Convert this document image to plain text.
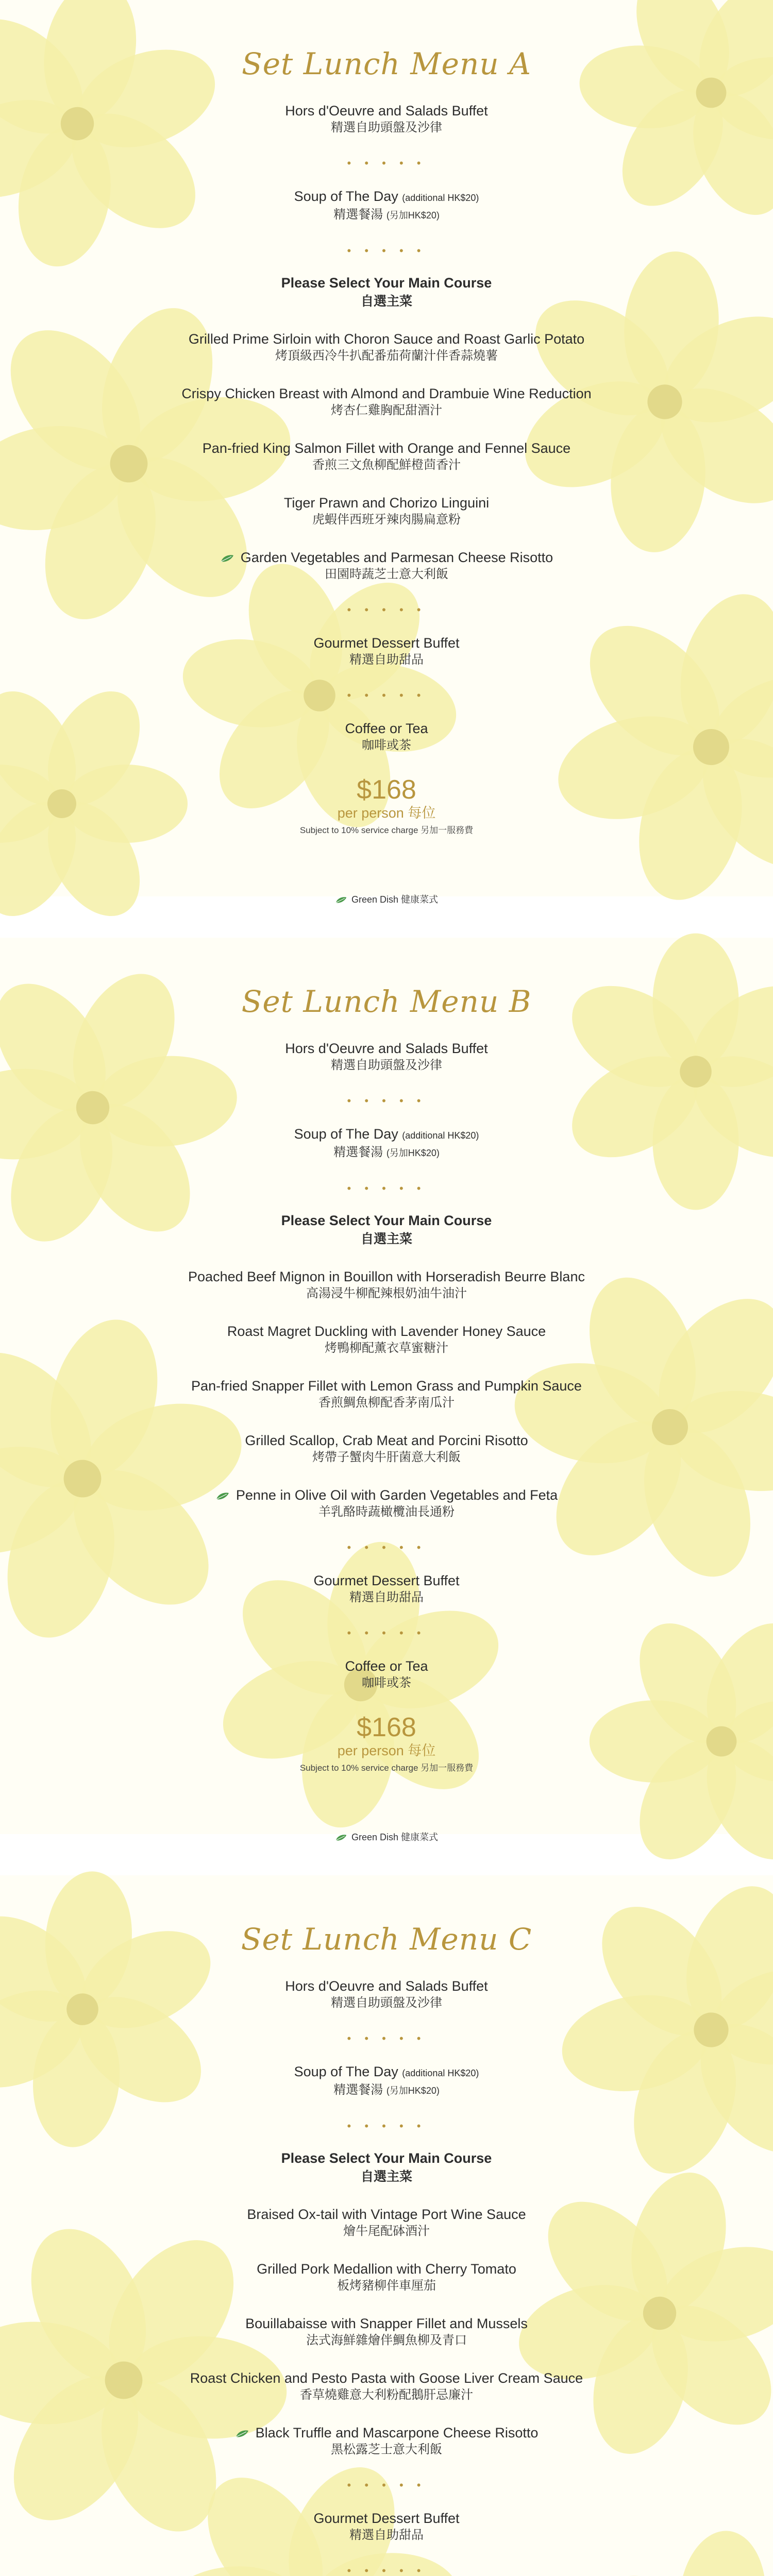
Set Lunch Menu A
Hors d'Oeuvre and Salads Buffet
精選自助頭盤及沙律
• • • • •
Soup of The Day (additional HK$20)
精選餐湯 (另加HK$20)
• • • • •
Please Select Your Main Course
自選主菜
Grilled Prime Sirloin with Choron Sauce and Roast Garlic Potato
烤頂級西冷牛扒配番茄荷蘭汁伴香蒜燒薯
Crispy Chicken Breast with Almond and Drambuie Wine Reduction
烤杏仁雞胸配甜酒汁
Pan-fried King Salmon Fillet with Orange and Fennel Sauce
香煎三文魚柳配鮮橙茴香汁
Tiger Prawn and Chorizo Linguini
虎蝦伴西班牙辣肉腸扁意粉
Garden Vegetables and Parmesan Cheese Risotto
田園時蔬芝士意大利飯
• • • • •
Gourmet Dessert Buffet
精選自助甜品
• • • • •
Coffee or Tea
咖啡或茶
$168
per person 每位
Subject to 10% service charge 另加一服務費
Green Dish 健康菜式
Set Lunch Menu B
Hors d'Oeuvre and Salads Buffet
精選自助頭盤及沙律
• • • • •
Soup of The Day (additional HK$20)
精選餐湯 (另加HK$20)
• • • • •
Please Select Your Main Course
自選主菜
Poached Beef Mignon in Bouillon with Horseradish Beurre Blanc
高湯浸牛柳配辣根奶油牛油汁
Roast Magret Duckling with Lavender Honey Sauce
烤鴨柳配薰衣草蜜糖汁
Pan-fried Snapper Fillet with Lemon Grass and Pumpkin Sauce
香煎鯛魚柳配香茅南瓜汁
Grilled Scallop, Crab Meat and Porcini Risotto
烤帶子蟹肉牛肝菌意大利飯
Penne in Olive Oil with Garden Vegetables and Feta
羊乳酪時蔬橄欖油長通粉
• • • • •
Gourmet Dessert Buffet
精選自助甜品
• • • • •
Coffee or Tea
咖啡或茶
$168
per person 每位
Subject to 10% service charge 另加一服務費
Green Dish 健康菜式
Set Lunch Menu C
Hors d'Oeuvre and Salads Buffet
精選自助頭盤及沙律
• • • • •
Soup of The Day (additional HK$20)
精選餐湯 (另加HK$20)
• • • • •
Please Select Your Main Course
自選主菜
Braised Ox-tail with Vintage Port Wine Sauce
燴牛尾配砵酒汁
Grilled Pork Medallion with Cherry Tomato
板烤豬柳伴車厘茄
Bouillabaisse with Snapper Fillet and Mussels
法式海鮮雜燴伴鯛魚柳及青口
Roast Chicken and Pesto Pasta with Goose Liver Cream Sauce
香草燒雞意大利粉配鵝肝忌廉汁
Black Truffle and Mascarpone Cheese Risotto
黑松露芝士意大利飯
• • • • •
Gourmet Dessert Buffet
精選自助甜品
• • • • •
